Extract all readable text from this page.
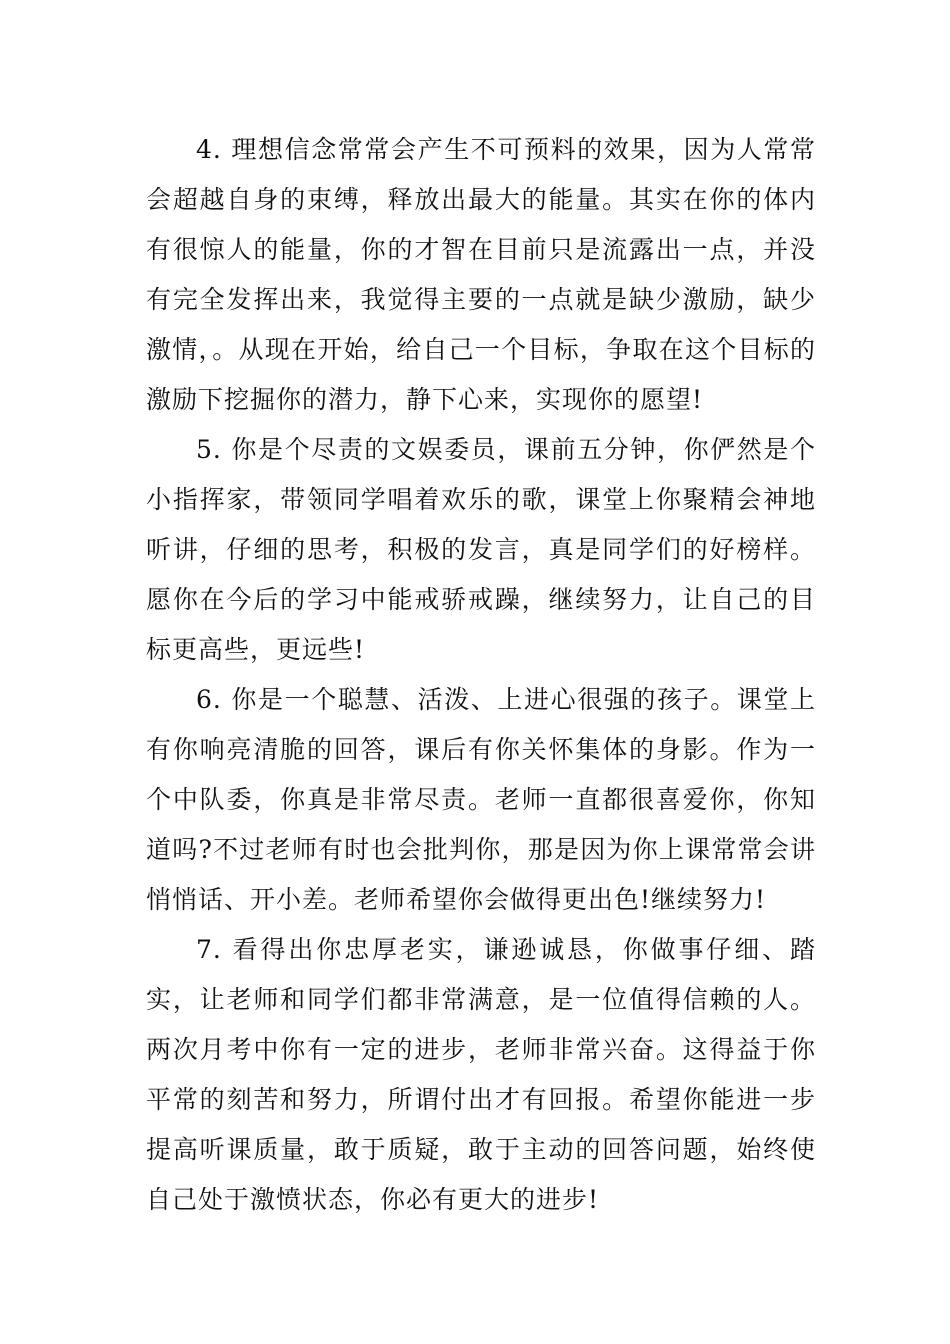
4. 理想信念常常会产生不可预料的效果，因为人常常会超越自身的束缚，释放出最大的能量。其实在你的体内有很惊人的能量，你的才智在目前只是流露出一点，并没有完全发挥出来，我觉得主要的一点就是缺少激励，缺少激情，。从现在开始，给自己一个目标，争取在这个目标的激励下挖掘你的潜力，静下心来，实现你的愿望!

5. 你是个尽责的文娱委员，课前五分钟，你俨然是个小指挥家，带领同学唱着欢乐的歌，课堂上你聚精会神地听讲，仔细的思考，积极的发言，真是同学们的好榜样。愿你在今后的学习中能戒骄戒躁，继续努力，让自己的目标更高些，更远些!

6. 你是一个聪慧、活泼、上进心很强的孩子。课堂上有你响亮清脆的回答，课后有你关怀集体的身影。作为一个中队委，你真是非常尽责。老师一直都很喜爱你，你知道吗?不过老师有时也会批判你，那是因为你上课常常会讲悄悄话、开小差。老师希望你会做得更出色!继续努力!

7. 看得出你忠厚老实，谦逊诚恳，你做事仔细、踏实，让老师和同学们都非常满意，是一位值得信赖的人。两次月考中你有一定的进步，老师非常兴奋。这得益于你平常的刻苦和努力，所谓付出才有回报。希望你能进一步提高听课质量，敢于质疑，敢于主动的回答问题，始终使自己处于激愤状态，你必有更大的进步!
